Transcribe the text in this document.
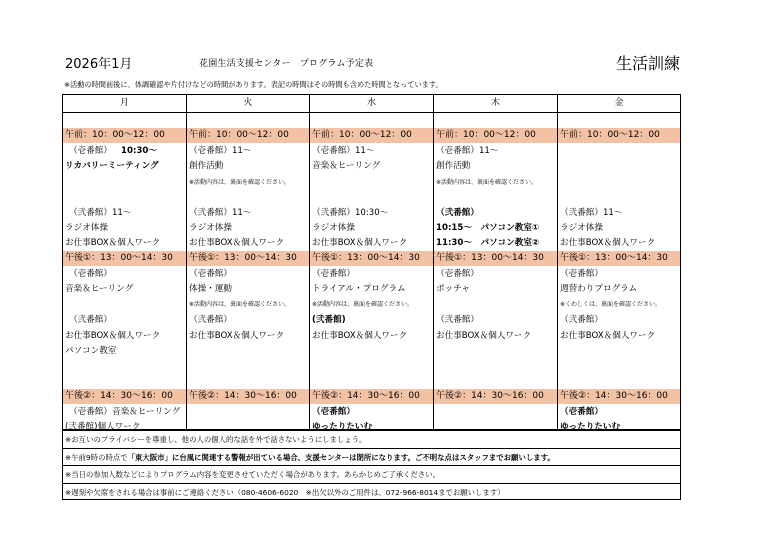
2026年1月	花園生活支援センター　プログラム予定表	生活訓練
※活動の時間前後に、体調確認や片付けなどの時間があります。表記の時間はその時間も含めた時間となっています。
月
午前：10：00〜12：00
（壱番館） 10:30〜
リカバリーミーティング
（弐番館）11〜
ラジオ体操
お仕事BOX＆個人ワーク
午後①：13：00〜14：30
（壱番館）
音楽＆ヒーリング
（弐番館）
お仕事BOX＆個人ワーク
パソコン教室
午後②：14：30〜16：00
（壱番館）音楽＆ヒーリング
(弐番館)個人ワーク
火
午前：10：00〜12：00
（壱番館）11〜
創作活動
※活動内容は、裏面を確認ください。
（弐番館）11〜
ラジオ体操
お仕事BOX＆個人ワーク
午後①：13：00〜14：30
（壱番館）
体操・運動
※活動内容は、裏面を確認ください。
（弐番館）
お仕事BOX＆個人ワーク
午後②：14：30〜16：00
水
午前：10：00〜12：00
（壱番館）11〜
音楽＆ヒーリング
（弐番館）10:30〜
ラジオ体操
お仕事BOX＆個人ワーク
午後①：13：00〜14：30
（壱番館）
トライアル・プログラム
※活動内容は、裏面を確認ください。
(弐番館)
お仕事BOX＆個人ワーク
午後②：14：30〜16：00
（壱番館）
ゆったりたいむ
木
午前：10：00〜12：00
（壱番館）11〜
創作活動
※活動内容は、裏面を確認ください。
（弐番館）
10:15〜　パソコン教室①
11:30〜　パソコン教室②
午後①：13：00〜14：30
（壱番館）
ボッチャ
（弐番館）
お仕事BOX＆個人ワーク
午後②：14：30〜16：00
金
午前：10：00〜12：00
（弐番館）11〜
ラジオ体操
お仕事BOX＆個人ワーク
午後①：13：00〜14：30
（壱番館）
週替わりプログラム
※くわしくは、裏面を確認ください。
（弐番館）
お仕事BOX＆個人ワーク
午後②：14：30〜16：00
（壱番館）
ゆったりたいむ
※お互いのプライバシーを尊重し、他の人の個人的な話を外で話さないようにしましょう。
※午前9時の時点で「東大阪市」に台風に関連する警報が出ている場合、支援センターは閉所になります。ご不明な点はスタッフまでお願いします。
※当日の参加人数などによりプログラム内容を変更させていただく場合があります。あらかじめご了承ください。
※遅刻や欠席をされる場合は事前にご連絡ください（080-4606-6020　※出欠以外のご用件は、072-966-8014までお願いします）
